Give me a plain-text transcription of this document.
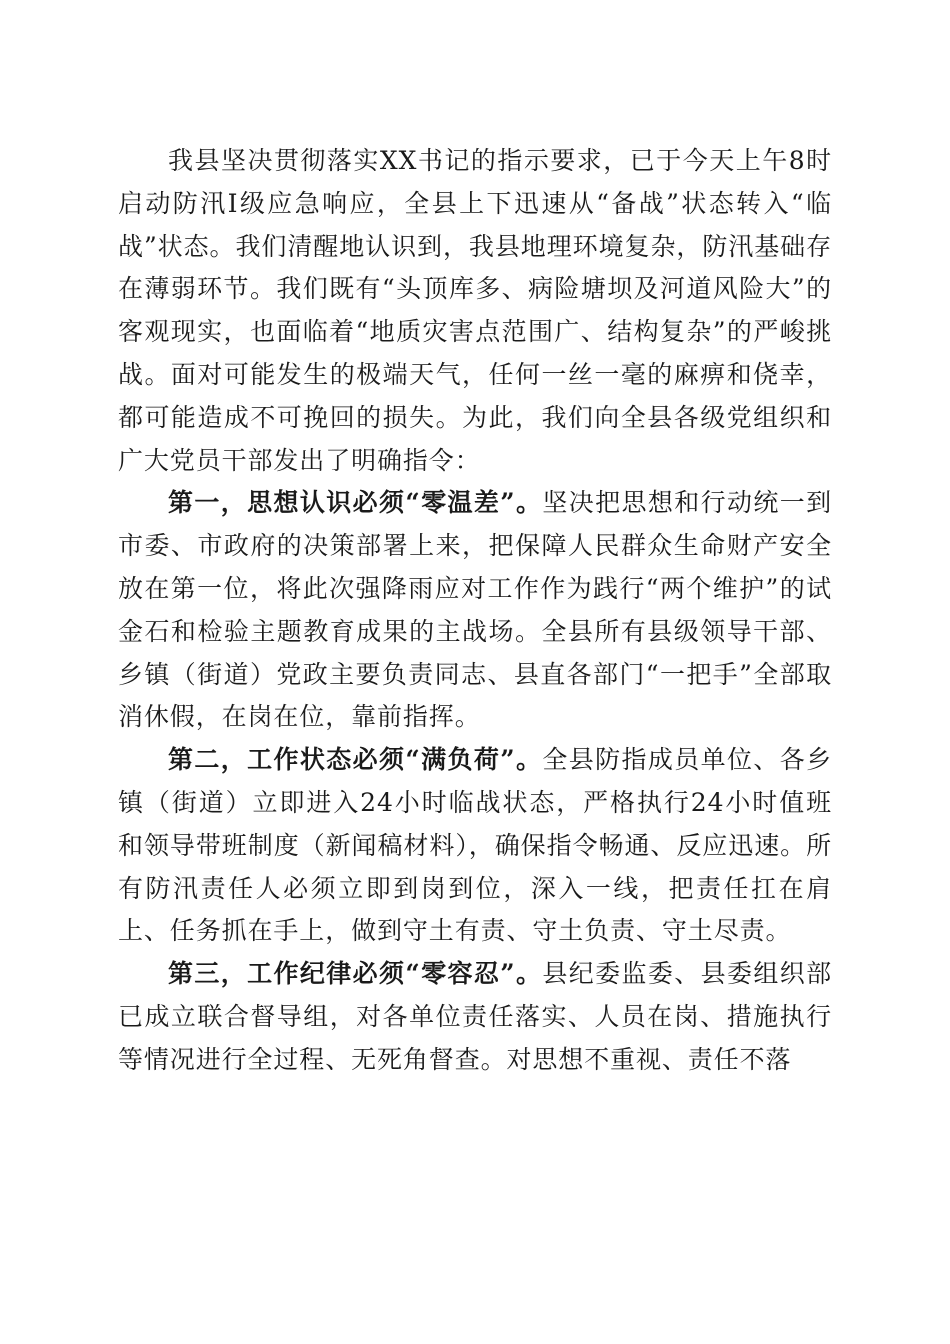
我县坚决贯彻落实XX书记的指示要求，已于今天上午8时启动防汛Ⅰ级应急响应，全县上下迅速从“备战”状态转入“临战”状态。我们清醒地认识到，我县地理环境复杂，防汛基础存在薄弱环节。我们既有“头顶库多、病险塘坝及河道风险大”的客观现实，也面临着“地质灾害点范围广、结构复杂”的严峻挑战。面对可能发生的极端天气，任何一丝一毫的麻痹和侥幸，都可能造成不可挽回的损失。为此，我们向全县各级党组织和广大党员干部发出了明确指令：

第一，思想认识必须“零温差”。坚决把思想和行动统一到市委、市政府的决策部署上来，把保障人民群众生命财产安全放在第一位，将此次强降雨应对工作作为践行“两个维护”的试金石和检验主题教育成果的主战场。全县所有县级领导干部、乡镇（街道）党政主要负责同志、县直各部门“一把手”全部取消休假，在岗在位，靠前指挥。

第二，工作状态必须“满负荷”。全县防指成员单位、各乡镇（街道）立即进入24小时临战状态，严格执行24小时值班和领导带班制度（新闻稿材料），确保指令畅通、反应迅速。所有防汛责任人必须立即到岗到位，深入一线，把责任扛在肩上、任务抓在手上，做到守土有责、守土负责、守土尽责。

第三，工作纪律必须“零容忍”。县纪委监委、县委组织部已成立联合督导组，对各单位责任落实、人员在岗、措施执行等情况进行全过程、无死角督查。对思想不重视、责任不落
